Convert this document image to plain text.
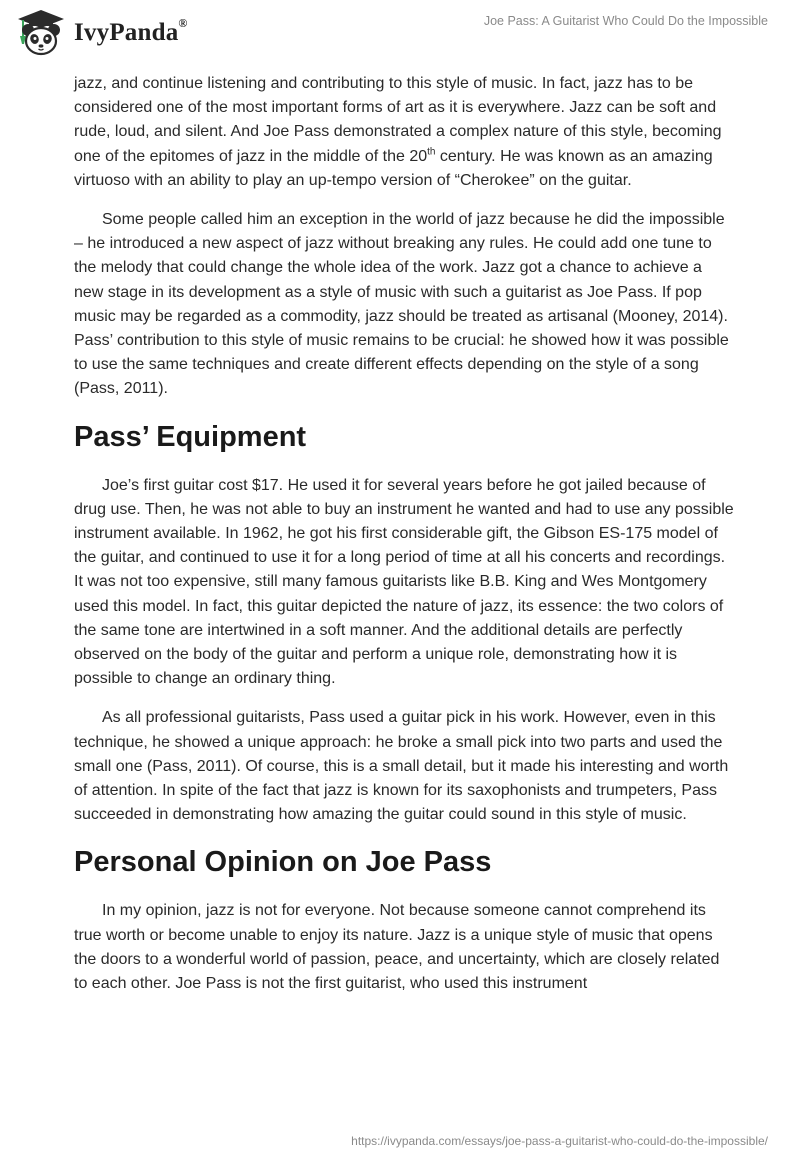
IvyPanda®	Joe Pass: A Guitarist Who Could Do the Impossible

jazz, and continue listening and contributing to this style of music. In fact, jazz has to be considered one of the most important forms of art as it is everywhere. Jazz can be soft and rude, loud, and silent. And Joe Pass demonstrated a complex nature of this style, becoming one of the epitomes of jazz in the middle of the 20th century. He was known as an amazing virtuoso with an ability to play an up-tempo version of “Cherokee” on the guitar.

Some people called him an exception in the world of jazz because he did the impossible – he introduced a new aspect of jazz without breaking any rules. He could add one tune to the melody that could change the whole idea of the work. Jazz got a chance to achieve a new stage in its development as a style of music with such a guitarist as Joe Pass. If pop music may be regarded as a commodity, jazz should be treated as artisanal (Mooney, 2014). Pass’ contribution to this style of music remains to be crucial: he showed how it was possible to use the same techniques and create different effects depending on the style of a song (Pass, 2011).

Pass’ Equipment

Joe’s first guitar cost $17. He used it for several years before he got jailed because of drug use. Then, he was not able to buy an instrument he wanted and had to use any possible instrument available. In 1962, he got his first considerable gift, the Gibson ES-175 model of the guitar, and continued to use it for a long period of time at all his concerts and recordings. It was not too expensive, still many famous guitarists like B.B. King and Wes Montgomery used this model. In fact, this guitar depicted the nature of jazz, its essence: the two colors of the same tone are intertwined in a soft manner. And the additional details are perfectly observed on the body of the guitar and perform a unique role, demonstrating how it is possible to change an ordinary thing.

As all professional guitarists, Pass used a guitar pick in his work. However, even in this technique, he showed a unique approach: he broke a small pick into two parts and used the small one (Pass, 2011). Of course, this is a small detail, but it made his interesting and worth of attention. In spite of the fact that jazz is known for its saxophonists and trumpeters, Pass succeeded in demonstrating how amazing the guitar could sound in this style of music.

Personal Opinion on Joe Pass

In my opinion, jazz is not for everyone. Not because someone cannot comprehend its true worth or become unable to enjoy its nature. Jazz is a unique style of music that opens the doors to a wonderful world of passion, peace, and uncertainty, which are closely related to each other. Joe Pass is not the first guitarist, who used this instrument

https://ivypanda.com/essays/joe-pass-a-guitarist-who-could-do-the-impossible/
